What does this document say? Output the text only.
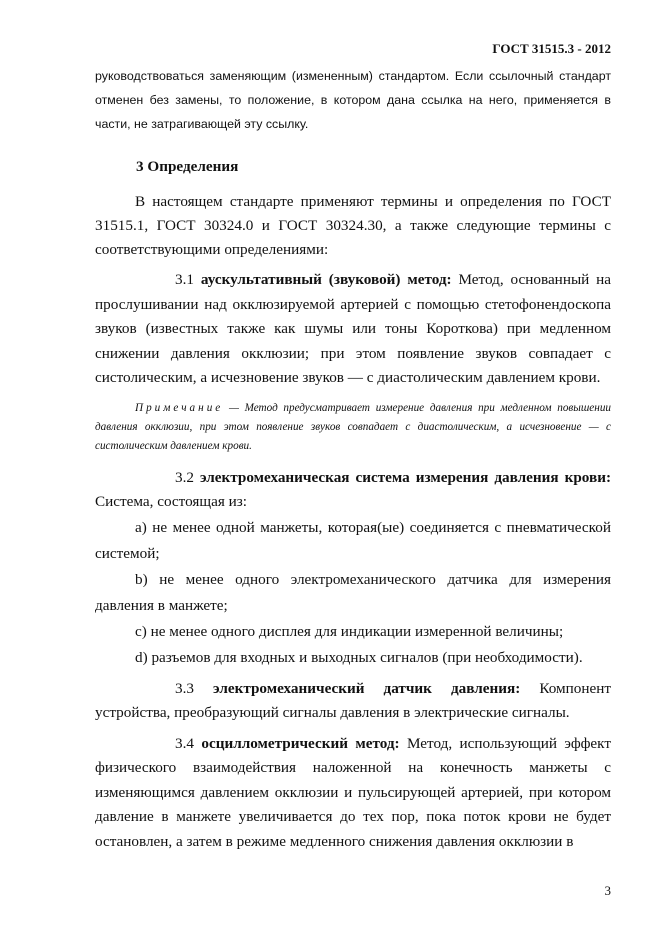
ГОСТ 31515.3 - 2012
руководствоваться заменяющим (измененным) стандартом. Если ссылочный стандарт отменен без замены, то положение, в котором дана ссылка на него, применяется в части, не затрагивающей эту ссылку.
3 Определения

В настоящем стандарте применяют термины и определения по ГОСТ 31515.1, ГОСТ 30324.0 и ГОСТ 30324.30, а также следующие термины с соответствующими определениями:

3.1 аускультативный (звуковой) метод: Метод, основанный на прослушивании над окклюзируемой артерией с помощью стетофонендоскопа звуков (известных также как шумы или тоны Короткова) при медленном снижении давления окклюзии; при этом появление звуков совпадает с систолическим, а исчезновение звуков — с диастолическим давлением крови.

Примечание — Метод предусматривает измерение давления при медленном повышении давления окклюзии, при этом появление звуков совпадает с диастолическим, а исчезновение — с систолическим давлением крови.

3.2 электромеханическая система измерения давления крови: Система, состоящая из:

а) не менее одной манжеты, которая(ые) соединяется с пневматической системой;

b) не менее одного электромеханического датчика для измерения давления в манжете;

с) не менее одного дисплея для индикации измеренной величины;

d) разъемов для входных и выходных сигналов (при необходимости).

3.3 электромеханический датчик давления: Компонент устройства, преобразующий сигналы давления в электрические сигналы.

3.4 осциллометрический метод: Метод, использующий эффект физического взаимодействия наложенной на конечность манжеты с изменяющимся давлением окклюзии и пульсирующей артерией, при котором давление в манжете увеличивается до тех пор, пока поток крови не будет остановлен, а затем в режиме медленного снижения давления окклюзии в

3
